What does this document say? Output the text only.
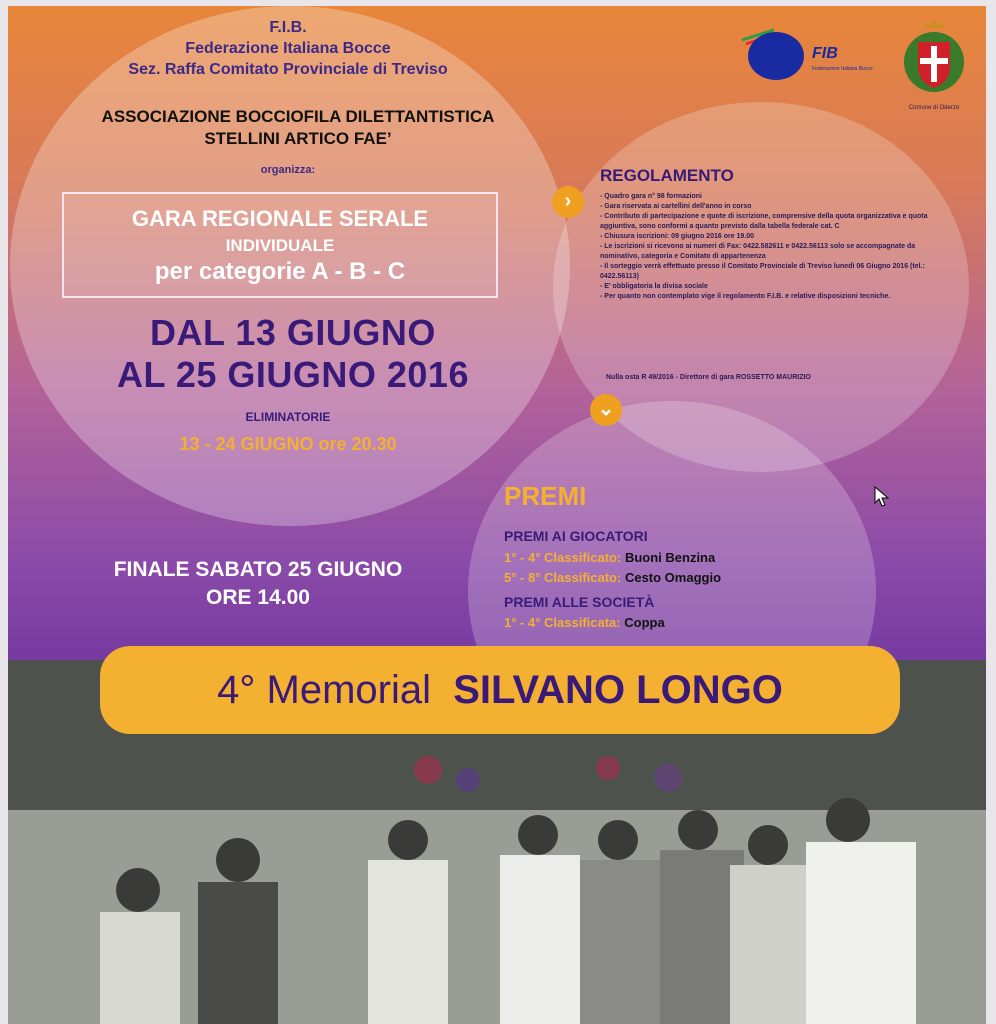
F.I.B.
Federazione Italiana Bocce
Sez. Raffa Comitato Provinciale di Treviso
ASSOCIAZIONE BOCCIOFILA DILETTANTISTICA
STELLINI ARTICO FAE’
organizza:
GARA REGIONALE SERALE
INDIVIDUALE
per categorie A - B - C
DAL 13 GIUGNO
AL 25 GIUGNO 2016
ELIMINATORIE
13 - 24 GIUGNO ore 20.30
FINALE SABATO 25 GIUGNO
ORE 14.00
FIB
Federazione Italiana Bocce
Comune di Oderzo
›
⌄
REGOLAMENTO
- Quadro gara n° 98 formazioni
- Gara riservata ai cartellini dell'anno in corso
- Contributo di partecipazione e quote di iscrizione, comprensive della quota organizzativa e quota aggiuntiva, sono conformi a quanto previsto dalla tabella federale cat. C
- Chiusura iscrizioni: 09 giugno 2016 ore 19.00
- Le iscrizioni si ricevono ai numeri di Fax: 0422.582611 e 0422.56113 solo se accompagnate da nominativo, categoria e Comitato di appartenenza
- Il sorteggio verrà effettuato presso il Comitato Provinciale di Treviso lunedì 06 Giugno 2016 (tel.: 0422.56113)
- E' obbligatoria la divisa sociale
- Per quanto non contemplato vige il regolamento F.I.B. e relative disposizioni tecniche.
Nulla osta R 49/2016 - Direttore di gara ROSSETTO MAURIZIO
PREMI
PREMI AI GIOCATORI
1° - 4° Classificato: Buoni Benzina
5° - 8° Classificato: Cesto Omaggio
PREMI ALLE SOCIETÀ
1° - 4° Classificata: Coppa
4° Memorial SILVANO LONGO
